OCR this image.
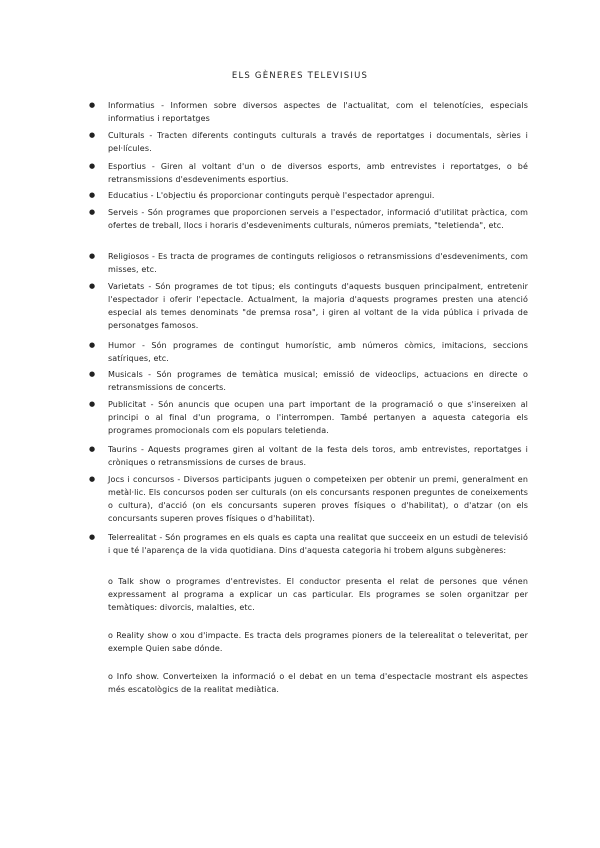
ELS GÈNERES TELEVISIUS
● Informatius - Informen sobre diversos aspectes de l'actualitat, com el telenotícies, especials informatius i reportatges
● Culturals - Tracten diferents continguts culturals a través de reportatges i documentals, sèries i pel·lícules.
● Esportius - Giren al voltant d'un o de diversos esports, amb entrevistes i reportatges, o bé retransmissions d'esdeveniments esportius.
● Educatius - L'objectiu és proporcionar continguts perquè l'espectador aprengui.
● Serveis - Són programes que proporcionen serveis a l'espectador, informació d'utilitat pràctica, com ofertes de treball, llocs i horaris d'esdeveniments culturals, números premiats, "teletienda", etc.
● Religiosos - Es tracta de programes de continguts religiosos o retransmissions d'esdeveniments, com misses, etc.
● Varietats - Són programes de tot tipus; els continguts d'aquests busquen principalment, entretenir l'espectador i oferir l'epectacle. Actualment, la majoria d'aquests programes presten una atenció especial als temes denominats "de premsa rosa", i giren al voltant de la vida pública i privada de personatges famosos.
● Humor - Són programes de contingut humorístic, amb números còmics, imitacions, seccions satíriques, etc.
● Musicals - Són programes de temàtica musical; emissió de videoclips, actuacions en directe o retransmissions de concerts.
● Publicitat - Són anuncis que ocupen una part important de la programació o que s'insereixen al principi o al final d'un programa, o l'interrompen. També pertanyen a aquesta categoria els programes promocionals com els populars teletienda.
● Taurins - Aquests programes giren al voltant de la festa dels toros, amb entrevistes, reportatges i cròniques o retransmissions de curses de braus.
● Jocs i concursos - Diversos participants juguen o competeixen per obtenir un premi, generalment en metàl·lic. Els concursos poden ser culturals (on els concursants responen preguntes de coneixements o cultura), d'acció (on els concursants superen proves físiques o d'habilitat), o d'atzar (on els concursants superen proves físiques o d'habilitat).
● Telerrealitat - Són programes en els quals es capta una realitat que succeeix en un estudi de televisió i que té l'aparença de la vida quotidiana. Dins d'aquesta categoria hi trobem alguns subgèneres:

o Talk show o programes d'entrevistes. El conductor presenta el relat de persones que vénen expressament al programa a explicar un cas particular. Els programes se solen organitzar per temàtiques: divorcis, malalties, etc.

o Reality show o xou d'impacte. Es tracta dels programes pioners de la telerealitat o televeritat, per exemple Quien sabe dónde.

o Info show. Converteixen la informació o el debat en un tema d'espectacle mostrant els aspectes més escatològics de la realitat mediàtica.
